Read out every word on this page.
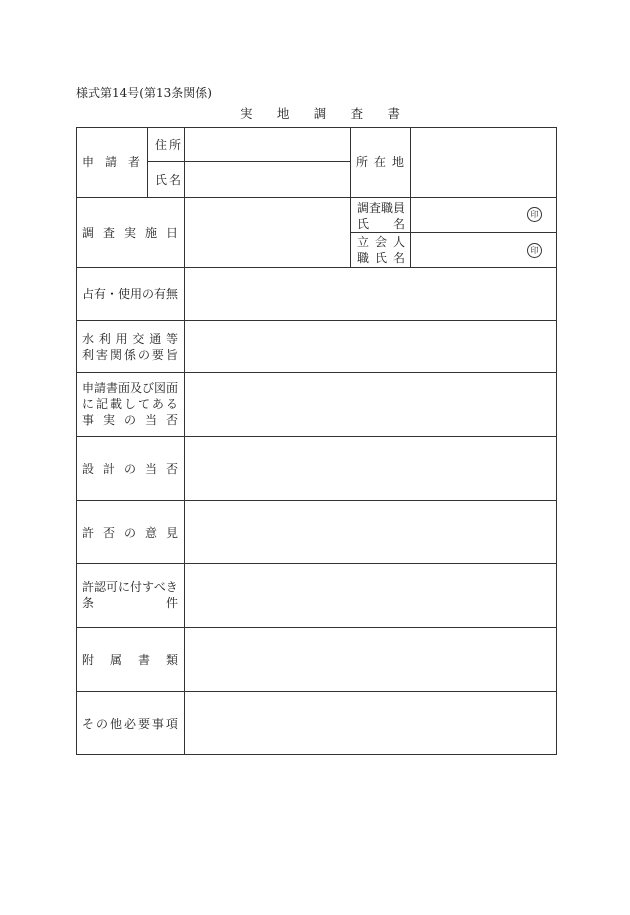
様式第14号(第13条関係)
実 地 調 査 書
申 請 者
住所
氏名
所 在 地
調 査 実 施 日
調査職員
氏 名
印
立 会 人
職 氏 名
印
占有・使用の有無
水 利 用 交 通 等
利 害 関 係 の 要 旨
申請書面及び図面
に 記 載 し て あ る
事 実 の 当 否
設 計 の 当 否
許 否 の 意 見
許認可に付すべき
条	件
附 属 書 類
そ の 他 必 要 事 項
